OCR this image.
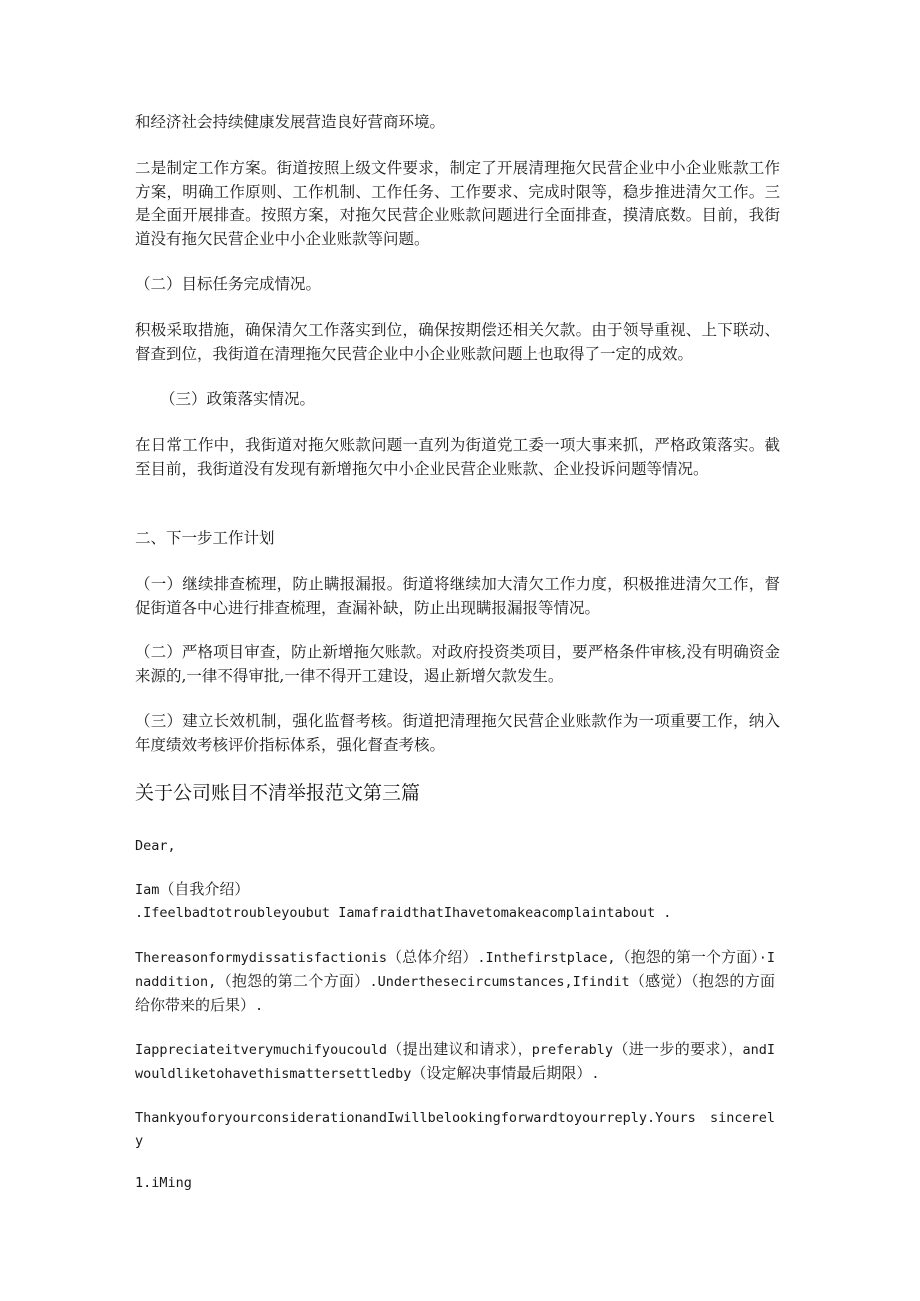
和经济社会持续健康发展营造良好营商环境。

二是制定工作方案。街道按照上级文件要求，制定了开展清理拖欠民营企业中小企业账款工作方案，明确工作原则、工作机制、工作任务、工作要求、完成时限等，稳步推进清欠工作。三是全面开展排查。按照方案，对拖欠民营企业账款问题进行全面排查，摸清底数。目前，我街道没有拖欠民营企业中小企业账款等问题。

（二）目标任务完成情况。

积极采取措施，确保清欠工作落实到位，确保按期偿还相关欠款。由于领导重视、上下联动、督查到位，我街道在清理拖欠民营企业中小企业账款问题上也取得了一定的成效。

（三）政策落实情况。

在日常工作中，我街道对拖欠账款问题一直列为街道党工委一项大事来抓，严格政策落实。截至目前，我街道没有发现有新增拖欠中小企业民营企业账款、企业投诉问题等情况。

二、下一步工作计划

（一）继续排查梳理，防止瞒报漏报。街道将继续加大清欠工作力度，积极推进清欠工作，督促街道各中心进行排查梳理，查漏补缺，防止出现瞒报漏报等情况。

（二）严格项目审查，防止新增拖欠账款。对政府投资类项目，要严格条件审核,没有明确资金来源的,一律不得审批,一律不得开工建设，遏止新增欠款发生。

（三）建立长效机制，强化监督考核。街道把清理拖欠民营企业账款作为一项重要工作，纳入年度绩效考核评价指标体系，强化督查考核。

关于公司账目不清举报范文第三篇

Dear,

Iam（自我介绍）
.Ifeelbadtotroubleyoubut IamafraidthatIhavetomakeacomplaintabout .

Thereasonformydissatisfactionis（总体介绍）.Inthefirstplace,（抱怨的第一个方面）·Inaddition,（抱怨的第二个方面）.Underthesecircumstances,Ifindit（感觉）（抱怨的方面给你带来的后果）.

Iappreciateitverymuchifyoucould（提出建议和请求），preferably（进一步的要求），andIwouldliketohavethismattersettledby（设定解决事情最后期限）.

ThankyouforyourconsiderationandIwillbelookingforwardtoyourreply.Yours sincerely

1.iMing
